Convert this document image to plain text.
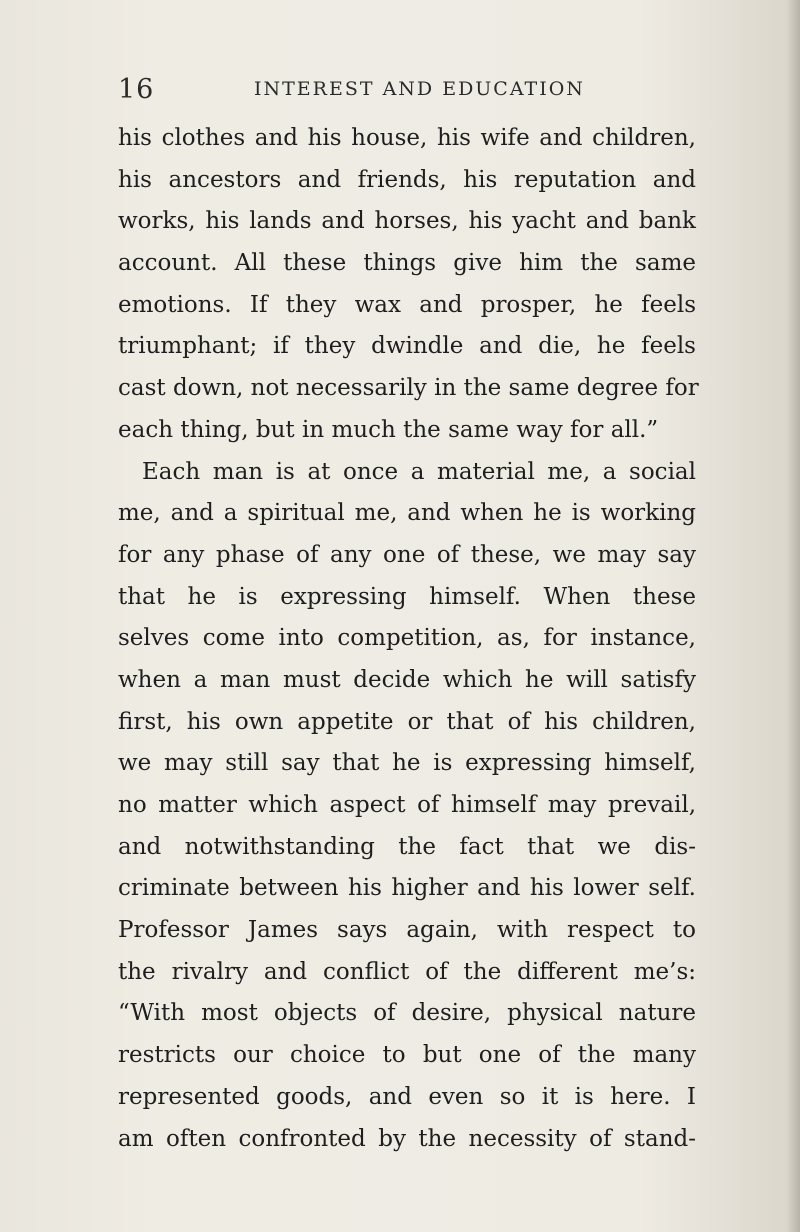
16	INTEREST AND EDUCATION
his clothes and his house, his wife and children,
his ancestors and friends, his reputation and
works, his lands and horses, his yacht and bank
account. All these things give him the same
emotions. If they wax and prosper, he feels
triumphant; if they dwindle and die, he feels
cast down, not necessarily in the same degree for
each thing, but in much the same way for all.”
Each man is at once a material me, a social
me, and a spiritual me, and when he is working
for any phase of any one of these, we may say
that he is expressing himself. When these
selves come into competition, as, for instance,
when a man must decide which he will satisfy
first, his own appetite or that of his children,
we may still say that he is expressing himself,
no matter which aspect of himself may prevail,
and notwithstanding the fact that we dis-
criminate between his higher and his lower self.
Professor James says again, with respect to
the rivalry and conflict of the different me’s:
“With most objects of desire, physical nature
restricts our choice to but one of the many
represented goods, and even so it is here. I
am often confronted by the necessity of stand-
